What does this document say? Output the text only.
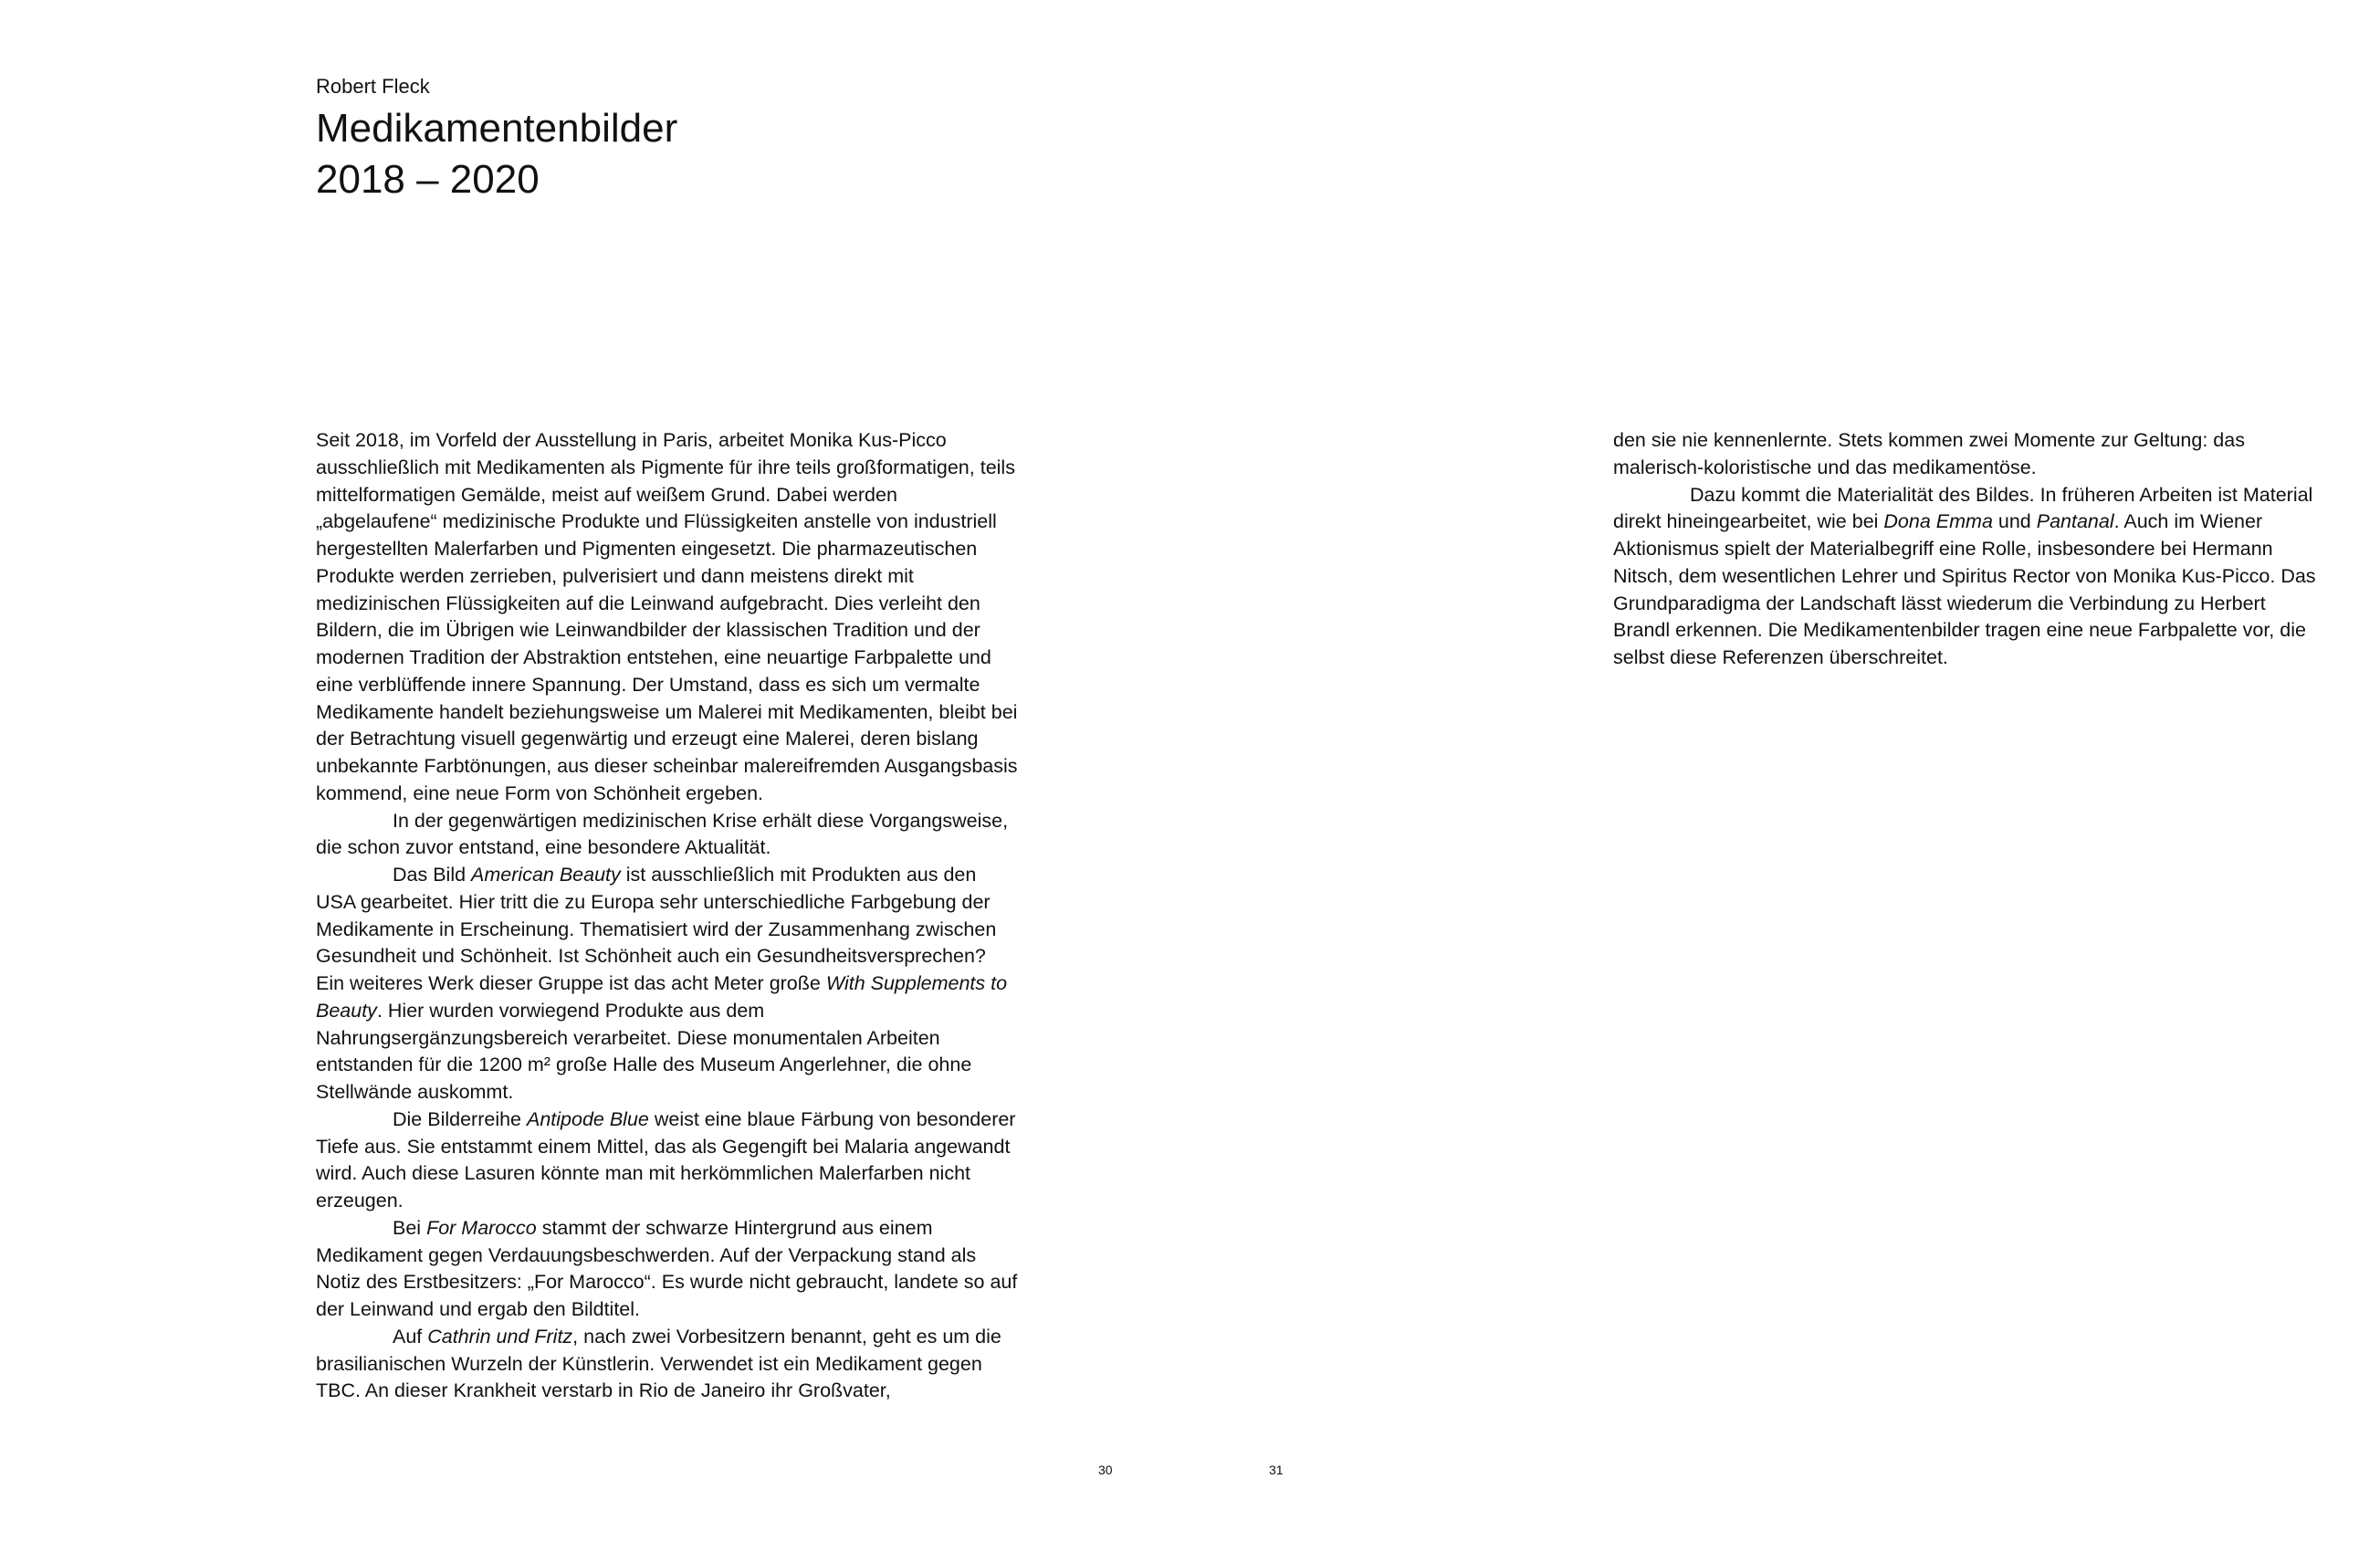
Robert Fleck
Medikamentenbilder
2018 – 2020

Seit 2018, im Vorfeld der Ausstellung in Paris, arbeitet Monika Kus-Picco ausschließlich mit Medikamenten als Pigmente für ihre teils großformatigen, teils mittelformatigen Gemälde, meist auf weißem Grund. Dabei werden „abgelaufene“ medizinische Produkte und Flüssigkeiten anstelle von industriell hergestellten Malerfarben und Pigmenten eingesetzt. Die pharmazeutischen Produkte werden zerrieben, pulverisiert und dann meistens direkt mit medizinischen Flüssigkeiten auf die Leinwand aufgebracht. Dies verleiht den Bildern, die im Übrigen wie Leinwandbilder der klassischen Tradition und der modernen Tradition der Abstraktion entstehen, eine neuartige Farbpalette und eine verblüffende innere Spannung. Der Umstand, dass es sich um vermalte Medikamente handelt beziehungsweise um Malerei mit Medikamenten, bleibt bei der Betrachtung visuell gegenwärtig und erzeugt eine Malerei, deren bislang unbekannte Farbtönungen, aus dieser scheinbar malereifremden Ausgangsbasis kommend, eine neue Form von Schönheit ergeben.

In der gegenwärtigen medizinischen Krise erhält diese Vorgangsweise, die schon zuvor entstand, eine besondere Aktualität.

Das Bild American Beauty ist ausschließlich mit Produkten aus den USA gearbeitet. Hier tritt die zu Europa sehr unterschiedliche Farbgebung der Medikamente in Erscheinung. Thematisiert wird der Zusammenhang zwischen Gesundheit und Schönheit. Ist Schönheit auch ein Gesundheitsversprechen? Ein weiteres Werk dieser Gruppe ist das acht Meter große With Supplements to Beauty. Hier wurden vorwiegend Produkte aus dem Nahrungsergänzungsbereich verarbeitet. Diese monumentalen Arbeiten entstanden für die 1200 m² große Halle des Museum Angerlehner, die ohne Stellwände auskommt.

Die Bilderreihe Antipode Blue weist eine blaue Färbung von besonderer Tiefe aus. Sie entstammt einem Mittel, das als Gegengift bei Malaria angewandt wird. Auch diese Lasuren könnte man mit herkömmlichen Malerfarben nicht erzeugen.

Bei For Marocco stammt der schwarze Hintergrund aus einem Medikament gegen Verdauungsbeschwerden. Auf der Verpackung stand als Notiz des Erstbesitzers: „For Marocco“. Es wurde nicht gebraucht, landete so auf der Leinwand und ergab den Bildtitel.

Auf Cathrin und Fritz, nach zwei Vorbesitzern benannt, geht es um die brasilianischen Wurzeln der Künstlerin. Verwendet ist ein Medikament gegen TBC. An dieser Krankheit verstarb in Rio de Janeiro ihr Großvater,

den sie nie kennenlernte. Stets kommen zwei Momente zur Geltung: das malerisch-koloristische und das medikamentöse.

Dazu kommt die Materialität des Bildes. In früheren Arbeiten ist Material direkt hineingearbeitet, wie bei Dona Emma und Pantanal. Auch im Wiener Aktionismus spielt der Materialbegriff eine Rolle, insbesondere bei Hermann Nitsch, dem wesentlichen Lehrer und Spiritus Rector von Monika Kus-Picco. Das Grundparadigma der Landschaft lässt wiederum die Verbindung zu Herbert Brandl erkennen. Die Medikamentenbilder tragen eine neue Farbpalette vor, die selbst diese Referenzen überschreitet.

30	31
